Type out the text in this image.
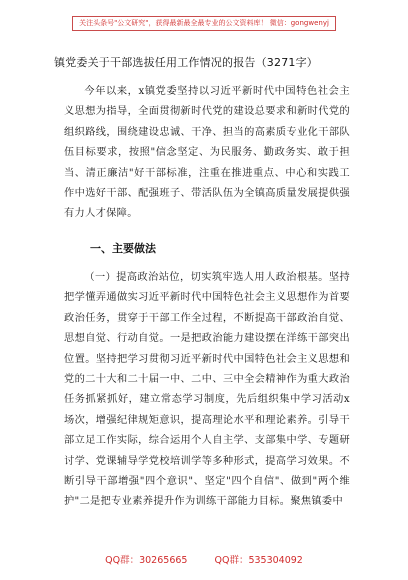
关注头条号"公文研究"，获得最新最全最专业的公文资料库！ 微信：gongwenyj
镇党委关于干部选拔任用工作情况的报告（3271字）

今年以来，x镇党委坚持以习近平新时代中国特色社会主义思想为指导，全面贯彻新时代党的建设总要求和新时代党的组织路线，围绕建设忠诚、干净、担当的高素质专业化干部队伍目标要求，按照"信念坚定、为民服务、勤政务实、敢于担当、清正廉洁"好干部标准，注重在推进重点、中心和实践工作中选好干部、配强班子、带活队伍为全镇高质量发展提供强有力人才保障。

一、主要做法

（一）提高政治站位，切实筑牢选人用人政治根基。坚持把学懂弄通做实习近平新时代中国特色社会主义思想作为首要政治任务，贯穿于干部工作全过程，不断提高干部政治自觉、思想自觉、行动自觉。一是把政治能力建设摆在洋练干部突出位置。坚持把学习贯彻习近平新时代中国特色社会主义思想和党的二十大和二十届一中、二中、三中全会精神作为重大政治任务抓紧抓好，建立常态学习制度，先后组织集中学习活动x场次，增强纪律规矩意识，提高理论水平和理论素养。引导干部立足工作实际，综合运用个人自主学、支部集中学、专题研讨学、党课辅导学党校培训学等多种形式，提高学习效果。不断引导干部增强"四个意识"、坚定"四个自信"、做到"两个维护"二是把专业素养提升作为训练干部能力目标。聚焦镇委中

QQ群：30265665	QQ群：535304092
